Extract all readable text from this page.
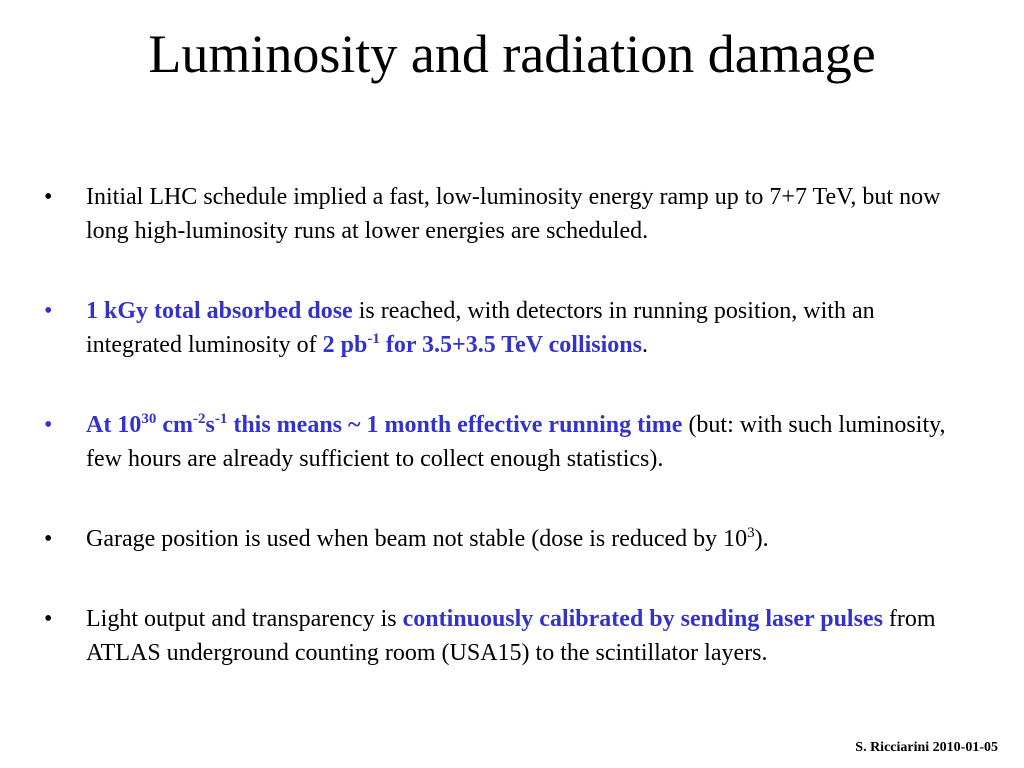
Luminosity and radiation damage
•	Initial LHC schedule implied a fast, low-luminosity energy ramp up to 7+7 TeV, but now long high-luminosity runs at lower energies are scheduled.
•	1 kGy total absorbed dose is reached, with detectors in running position, with an integrated luminosity of 2 $pb^{-1}$ for 3.5+3.5 TeV collisions.
•	At $10^{30}$ $cm^{-2}s^{-1}$ this means ~ 1 month effective running time (but: with such luminosity, few hours are already sufficient to collect enough statistics).
•	Garage position is used when beam not stable (dose is reduced by $10^3$).
•	Light output and transparency is continuously calibrated by sending laser pulses from ATLAS underground counting room (USA15) to the scintillator layers.
S. Ricciarini 2010-01-05
